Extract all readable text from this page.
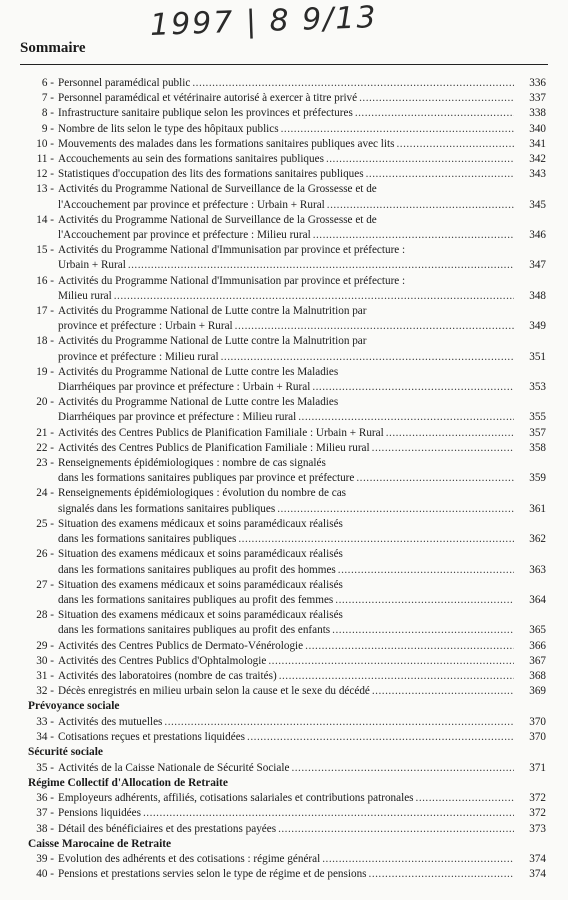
1997 | 8 9/13
Sommaire
6 - Personnel paramédical public .....	336
7 - Personnel paramédical et vétérinaire autorisé à exercer à titre privé .....	337
8 - Infrastructure sanitaire publique selon les provinces et préfectures .....	338
9 - Nombre de lits selon le type des hôpitaux publics .....	340
10 - Mouvements des malades dans les formations sanitaires publiques avec lits .....	341
11 - Accouchements au sein des formations sanitaires publiques .....	342
12 - Statistiques d'occupation des lits des formations sanitaires publiques .....	343
13 - Activités du Programme National de Surveillance de la Grossesse et de
l'Accouchement par province et préfecture : Urbain + Rural .....	345
14 - Activités du Programme National de Surveillance de la Grossesse et de
l'Accouchement par province et préfecture : Milieu rural .....	346
15 - Activités du Programme National d'Immunisation par province et préfecture :
Urbain + Rural .....	347
16 - Activités du Programme National d'Immunisation par province et préfecture :
Milieu rural .....	348
17 - Activités du Programme National de Lutte contre la Malnutrition par
province et préfecture : Urbain + Rural .....	349
18 - Activités du Programme National de Lutte contre la Malnutrition par
province et préfecture : Milieu rural .....	351
19 - Activités du Programme National de Lutte contre les Maladies
Diarrhéiques par province et préfecture : Urbain + Rural .....	353
20 - Activités du Programme National de Lutte contre les Maladies
Diarrhéiques par province et préfecture : Milieu rural .....	355
21 - Activités des Centres Publics de Planification Familiale : Urbain + Rural .....	357
22 - Activités des Centres Publics de Planification Familiale : Milieu rural .....	358
23 - Renseignements épidémiologiques : nombre de cas signalés
dans les formations sanitaires publiques par province et préfecture .....	359
24 - Renseignements épidémiologiques : évolution du nombre de cas
signalés dans les formations sanitaires publiques .....	361
25 - Situation des examens médicaux et soins paramédicaux réalisés
dans les formations sanitaires publiques .....	362
26 - Situation des examens médicaux et soins paramédicaux réalisés
dans les formations sanitaires publiques au profit des hommes .....	363
27 - Situation des examens médicaux et soins paramédicaux réalisés
dans les formations sanitaires publiques au profit des femmes .....	364
28 - Situation des examens médicaux et soins paramédicaux réalisés
dans les formations sanitaires publiques au profit des enfants .....	365
29 - Activités des Centres Publics de Dermato-Vénérologie .....	366
30 - Activités des Centres Publics d'Ophtalmologie .....	367
31 - Activités des laboratoires (nombre de cas traités) .....	368
32 - Décès enregistrés en milieu urbain selon la cause et le sexe du décédé .....	369
Prévoyance sociale
33 - Activités des mutuelles .....	370
34 - Cotisations reçues et prestations liquidées .....	370
Sécurité sociale
35 - Activités de la Caisse Nationale de Sécurité Sociale .....	371
Régime Collectif d'Allocation de Retraite
36 - Employeurs adhérents, affiliés, cotisations salariales et contributions patronales .....	372
37 - Pensions liquidées .....	372
38 - Détail des bénéficiaires et des prestations payées .....	373
Caisse Marocaine de Retraite
39 - Evolution des adhérents et des cotisations : régime général .....	374
40 - Pensions et prestations servies selon le type de régime et de pensions .....	374
